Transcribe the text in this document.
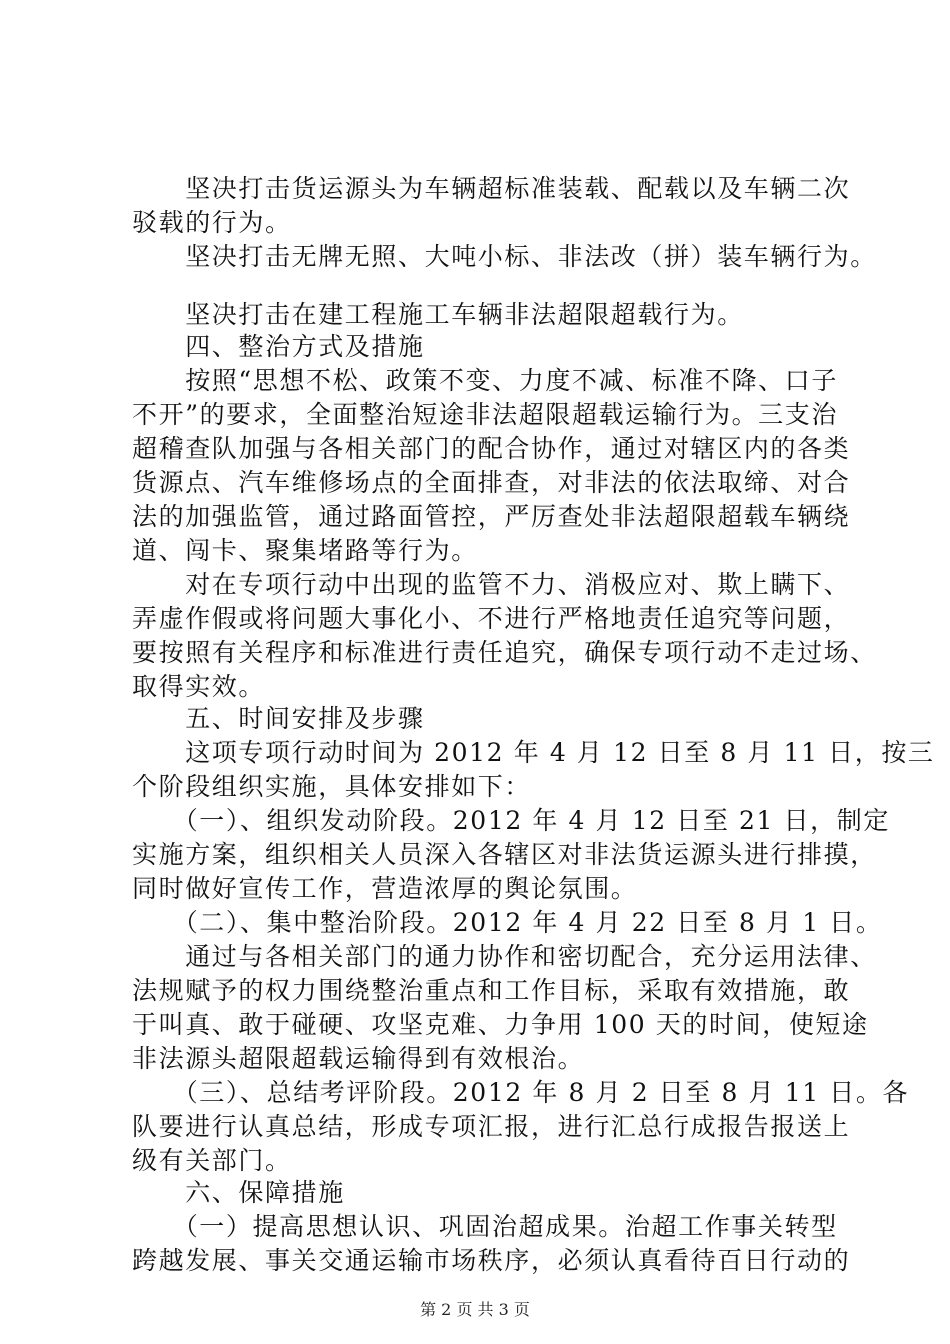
　　坚决打击货运源头为车辆超标准装载、配载以及车辆二次
驳载的行为。
　　坚决打击无牌无照、大吨小标、非法改（拼）装车辆行为。
　　坚决打击在建工程施工车辆非法超限超载行为。
　　四、整治方式及措施
　　按照“思想不松、政策不变、力度不减、标准不降、口子
不开”的要求，全面整治短途非法超限超载运输行为。三支治
超稽查队加强与各相关部门的配合协作，通过对辖区内的各类
货源点、汽车维修场点的全面排查，对非法的依法取缔、对合
法的加强监管，通过路面管控，严厉查处非法超限超载车辆绕
道、闯卡、聚集堵路等行为。
　　对在专项行动中出现的监管不力、消极应对、欺上瞒下、
弄虚作假或将问题大事化小、不进行严格地责任追究等问题，
要按照有关程序和标准进行责任追究，确保专项行动不走过场、
取得实效。
　　五、时间安排及步骤
　　这项专项行动时间为 2012 年 4 月 12 日至 8 月 11 日，按三
个阶段组织实施，具体安排如下：
　　（一）、组织发动阶段。2012 年 4 月 12 日至 21 日，制定
实施方案，组织相关人员深入各辖区对非法货运源头进行排摸，
同时做好宣传工作，营造浓厚的舆论氛围。
　　（二）、集中整治阶段。2012 年 4 月 22 日至 8 月 1 日。
　　通过与各相关部门的通力协作和密切配合，充分运用法律、
法规赋予的权力围绕整治重点和工作目标，采取有效措施，敢
于叫真、敢于碰硬、攻坚克难、力争用 100 天的时间，使短途
非法源头超限超载运输得到有效根治。
　　（三）、总结考评阶段。2012 年 8 月 2 日至 8 月 11 日。各
队要进行认真总结，形成专项汇报，进行汇总行成报告报送上
级有关部门。
　　六、保障措施
　　（一）提高思想认识、巩固治超成果。治超工作事关转型
跨越发展、事关交通运输市场秩序，必须认真看待百日行动的
第 2 页 共 3 页
